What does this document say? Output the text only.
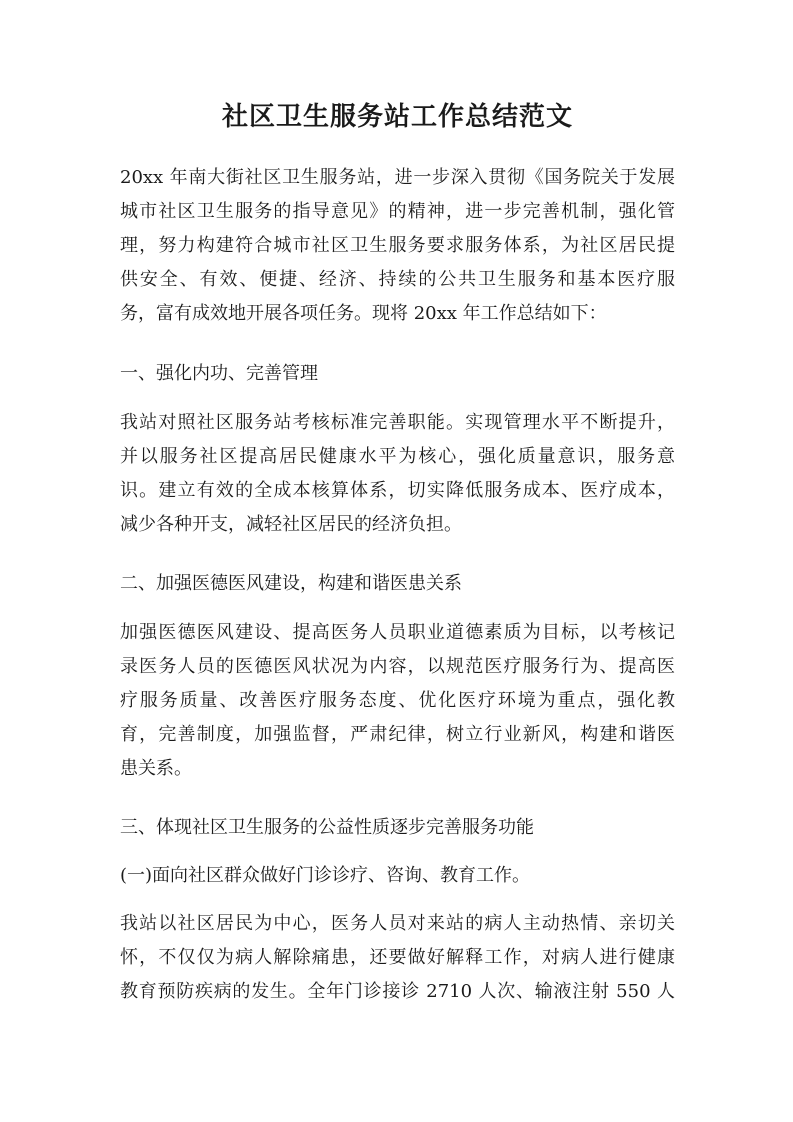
社区卫生服务站工作总结范文
20xx 年南大街社区卫生服务站，进一步深入贯彻《国务院关于发展
城市社区卫生服务的指导意见》的精神，进一步完善机制，强化管
理，努力构建符合城市社区卫生服务要求服务体系，为社区居民提
供安全、有效、便捷、经济、持续的公共卫生服务和基本医疗服
务，富有成效地开展各项任务。现将 20xx 年工作总结如下：
一、强化内功、完善管理
我站对照社区服务站考核标准完善职能。实现管理水平不断提升，
并以服务社区提高居民健康水平为核心，强化质量意识，服务意
识。建立有效的全成本核算体系，切实降低服务成本、医疗成本，
减少各种开支，减轻社区居民的经济负担。
二、加强医德医风建设，构建和谐医患关系
加强医德医风建设、提高医务人员职业道德素质为目标，以考核记
录医务人员的医德医风状况为内容，以规范医疗服务行为、提高医
疗服务质量、改善医疗服务态度、优化医疗环境为重点，强化教
育，完善制度，加强监督，严肃纪律，树立行业新风，构建和谐医
患关系。
三、体现社区卫生服务的公益性质逐步完善服务功能
(一)面向社区群众做好门诊诊疗、咨询、教育工作。
我站以社区居民为中心，医务人员对来站的病人主动热情、亲切关
怀，不仅仅为病人解除痛患，还要做好解释工作，对病人进行健康
教育预防疾病的发生。全年门诊接诊 2710 人次、输液注射 550 人
